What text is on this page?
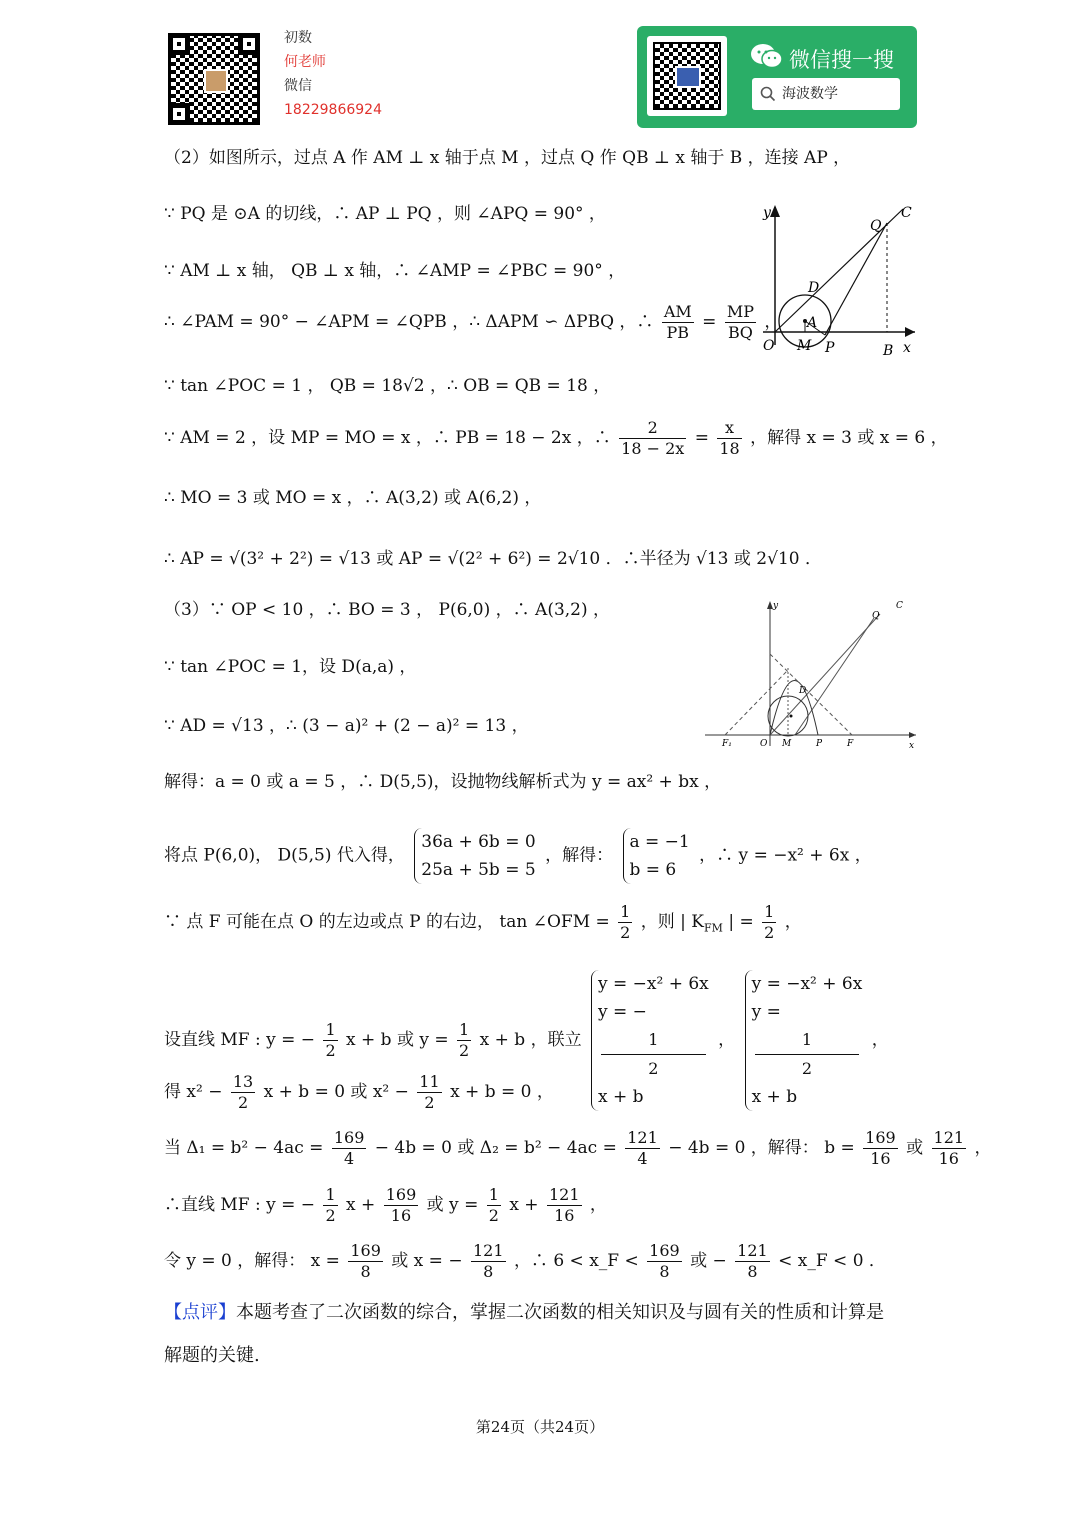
初数
何老师
微信
18229866924
微信搜一搜
海波数学
（2）如图所示，过点 A 作 AM ⊥ x 轴于点 M ，过点 Q 作 QB ⊥ x 轴于 B ，连接 AP ，
∵ PQ 是 ⊙A 的切线，∴ AP ⊥ PQ ，则 ∠APQ = 90° ，
∵ AM ⊥ x 轴， QB ⊥ x 轴，∴ ∠AMP = ∠PBC = 90° ，
∴ ∠PAM = 90° − ∠APM = ∠QPB ，∴ ΔAPM ∽ ΔPBQ ，∴ $\frac{AM}{PB} = \frac{MP}{BQ}$ ，
∵ tan ∠POC = 1 ， QB = 18√2 ，∴ OB = QB = 18 ，
∵ AM = 2 ，设 MP = MO = x ，∴ PB = 18 − 2x ，∴ $\frac{2}{18 - 2x} = \frac{x}{18}$ ，解得 x = 3 或 x = 6 ，
∴ MO = 3 或 MO = x ，∴ A(3,2) 或 A(6,2) ，
∴ AP = √(3² + 2²) = √13 或 AP = √(2² + 6²) = 2√10 ．∴半径为 √13 或 2√10 ．
y
x
O M P	B
A
D
Q
C
（3）∵ OP < 10 ，∴ BO = 3 ， P(6,0) ，∴ A(3,2) ，
∵ tan ∠POC = 1，设 D(a,a) ，
∵ AD = √13 ，∴ (3 − a)² + (2 − a)² = 13 ，
解得：a = 0 或 a = 5 ，∴ D(5,5)，设抛物线解析式为 y = ax² + bx ，
y
x
O M	P	F
F₁
Q
C
D
将点 P(6,0)， D(5,5) 代入得，
36a + 6b = 0
25a + 5b = 5
，解得：
a = −1
b = 6
，∴ y = −x² + 6x ，
∵ 点 F 可能在点 O 的左边或点 P 的右边， tan ∠OFM = $\frac{1}{2}$ ，则 | $K_{FM}$ | = $\frac{1}{2}$ ，
设直线 MF : y = − $\frac{1}{2}$ x + b 或 $y = \frac{1}{2}$ x + b ，联立
y = −x² + 6x
y = −
1
2
x + b
，
y = −x² + 6x
y =
1
2
x + b
，
得 $x^2 - \frac{13}{2}$ x + b = 0 或 $x^2 - \frac{11}{2}$ x + b = 0 ，
当 $\Delta_1 = b^2 - 4ac = \frac{169}{4} - 4b = 0$ 或 $\Delta_2 = b^2 - 4ac = \frac{121}{4} - 4b = 0$ ，解得： $b = \frac{169}{16}$ 或 $\frac{121}{16}$ ，
∴直线 MF : y = − $\frac{1}{2}$ $x + \frac{169}{16}$ 或 $y = \frac{1}{2}$ $x + \frac{121}{16}$ ，
令 y = 0 ，解得： $x = \frac{169}{8}$ 或 x = − $\frac{121}{8}$ ，∴ 6 < x_F < $\frac{169}{8}$ 或 − $\frac{121}{8}$ < x_F < 0 ．
【点评】本题考查了二次函数的综合，掌握二次函数的相关知识及与圆有关的性质和计算是
解题的关键.
第24页（共24页）
